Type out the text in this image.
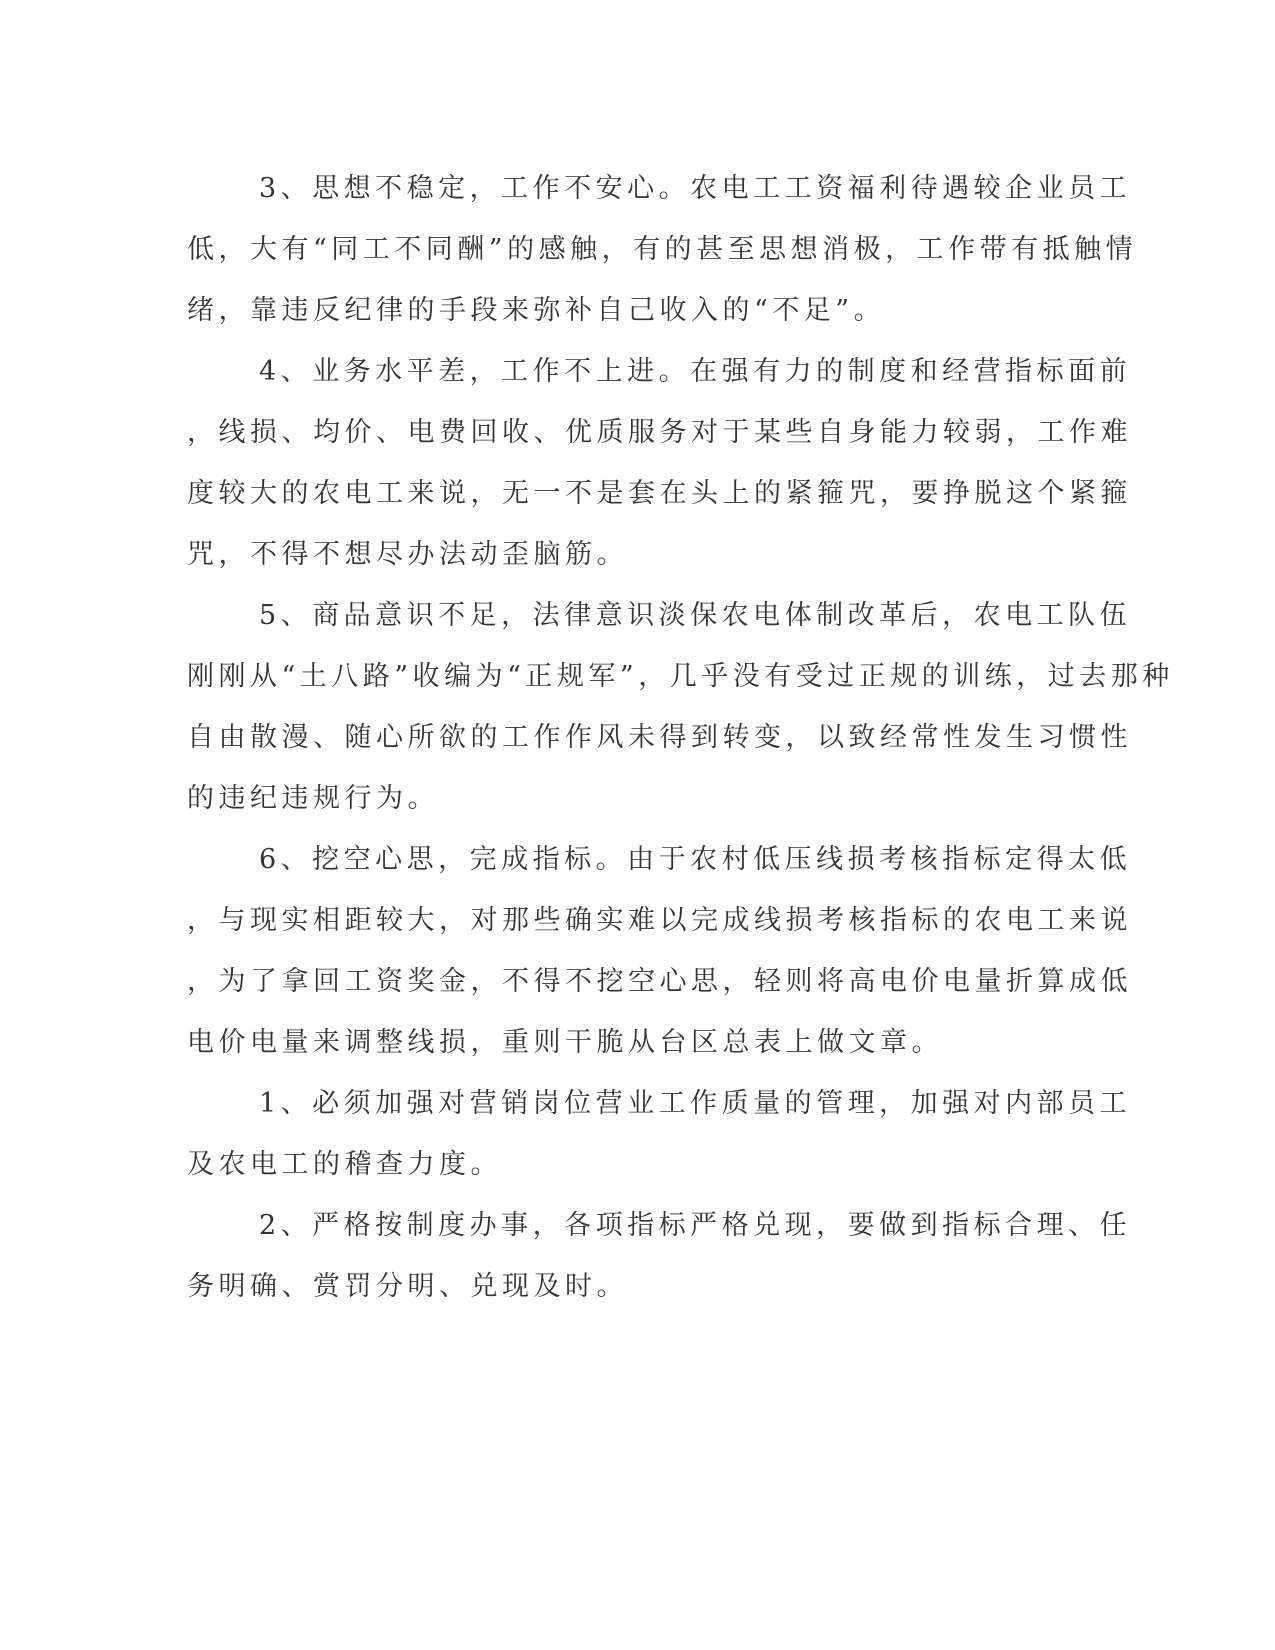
3、思想不稳定，工作不安心。农电工工资福利待遇较企业员工
低，大有“同工不同酬”的感触，有的甚至思想消极，工作带有抵触情
绪，靠违反纪律的手段来弥补自己收入的“不足”。

4、业务水平差，工作不上进。在强有力的制度和经营指标面前
，线损、均价、电费回收、优质服务对于某些自身能力较弱，工作难
度较大的农电工来说，无一不是套在头上的紧箍咒，要挣脱这个紧箍
咒，不得不想尽办法动歪脑筋。

5、商品意识不足，法律意识淡保农电体制改革后，农电工队伍
刚刚从“土八路”收编为“正规军”，几乎没有受过正规的训练，过去那种
自由散漫、随心所欲的工作作风未得到转变，以致经常性发生习惯性
的违纪违规行为。

6、挖空心思，完成指标。由于农村低压线损考核指标定得太低
，与现实相距较大，对那些确实难以完成线损考核指标的农电工来说
，为了拿回工资奖金，不得不挖空心思，轻则将高电价电量折算成低
电价电量来调整线损，重则干脆从台区总表上做文章。

1、必须加强对营销岗位营业工作质量的管理，加强对内部员工
及农电工的稽查力度。

2、严格按制度办事，各项指标严格兑现，要做到指标合理、任
务明确、赏罚分明、兑现及时。
